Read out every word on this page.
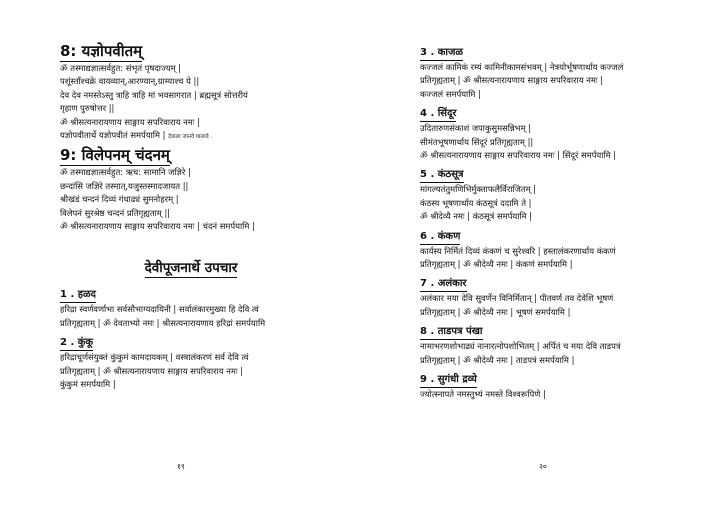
8: यज्ञोपवीतम्
ॐ तस्माद्यज्ञात्सर्वहुत: संभृतं पृषदाज्यम् |
पशूंस्ताँश्चक्रे वायव्यान्,आरण्यान्,ग्राम्याश्च ये ||
देव देव नमस्तेऽस्तु त्राहि त्राहि मां भवसागरात | ब्रह्मसूत्रं सोत्तरीयं
गृहाण पुरुषोत्तर ||
ॐ श्रीसत्यनारायणाय साङ्गाय सपरिवाराय नमः |
यज्ञोपवीतार्थे यज्ञोपवीतं समर्पयामि | देवाला जानवे घालावे .
9: विलेपनम् चंदनम्
ॐ तस्माद्यज्ञात्सर्वहुत: ऋच: सामानि जज्ञिरे |
छन्दांसि जज्ञिरे तस्मात्,यजुस्तस्मादजायत ||
श्रीखंडं चन्दनं दिव्यं गंधाढ्यं सुमनोहरम् |
विलेपनं सुरश्रेष्ठ चन्दनं प्रतिगृह्यताम् ||
ॐ श्रीसत्यनारायणाय साङ्गाय सपरिवाराय नमः | चंदनं समर्पयामि |
देवीपूजनार्थे उपचार
1 . हळद
हरिद्रा स्वर्णवर्णाभा सर्वसौभाग्यदायिनी | सर्वालंकारमुख्या हि देवि त्वं
प्रतिगृह्यताम् | ॐ देवताभ्यो नमः | श्रीसत्यनारायणाय हरिद्रां समर्पयामि
2 . कुंकू
हरिद्राचूर्णसंयुक्तं कुंकुमं कामदायकम् | वस्त्रालंकरणं सर्व देवि त्वं
प्रतिगृह्यताम् | ॐ श्रीसत्यनारायणाय साङ्गाय सपरिवाराय नमः |
कुंकुमं समर्पयामि |
१९
3 . काजळ
कज्जलं कामिकं रम्यं कामिनीकामसंभवम् | नेत्रयोर्भूषणार्थाय कज्जलं
प्रतिगृह्यताम् | ॐ श्रीसत्यनारायणाय साङ्गाय सपरिवाराय नमः |
कज्जलं समर्पयामि |
4 . सिंदूर
उदितारुणसंकाशं जपाकुसुमसन्निभम् |
सीमंतभूषणार्थाय सिंदूरं प्रतिगृह्यताम् ||
ॐ श्रीसत्यनारायणाय साङ्गाय सपरिवाराय नमः | सिंदूरं समर्पयामि |
5 . कंठसूत्र
मांगल्यतंतुमणिभिर्मुक्ताफलैर्विराजितम् |
कंठस्य भूषणार्थाय कंठसूत्रं ददामि ते |
ॐ श्रीदेव्यै नमः | कंठसूत्रं समर्पयामि |
6 . कंकण
कार्यस्य निर्मितं दिव्यं कंकणं च सुरेश्वरि | हस्तालंकरणार्थाय कंकणं
प्रतिगृह्यताम् | ॐ श्रीदेव्यै नमः | कंकणं समर्पयामि |
7 . अलंकार
अलंकार मया देवि सुवर्णेन विनिर्मितान् | पीतवर्ण तव देवेशि भूषणं
प्रतिगृह्यताम् | ॐ श्रीदेव्यै नमः | भूषणं समर्पयामि |
8 . ताडपत्र पंखा
नामाभरणशोभाढ्यं नानारत्नोपशोभितम् | अर्पितं च मया देवि ताडपत्रं
प्रतिगृह्यताम् | ॐ श्रीदेव्यै नमः | ताडपत्रं समर्पयामि |
9 . सुगंधी द्रव्ये
ज्योत्स्नापते नमस्तुभ्यं नमस्ते विश्वरूपिणे |
२०
